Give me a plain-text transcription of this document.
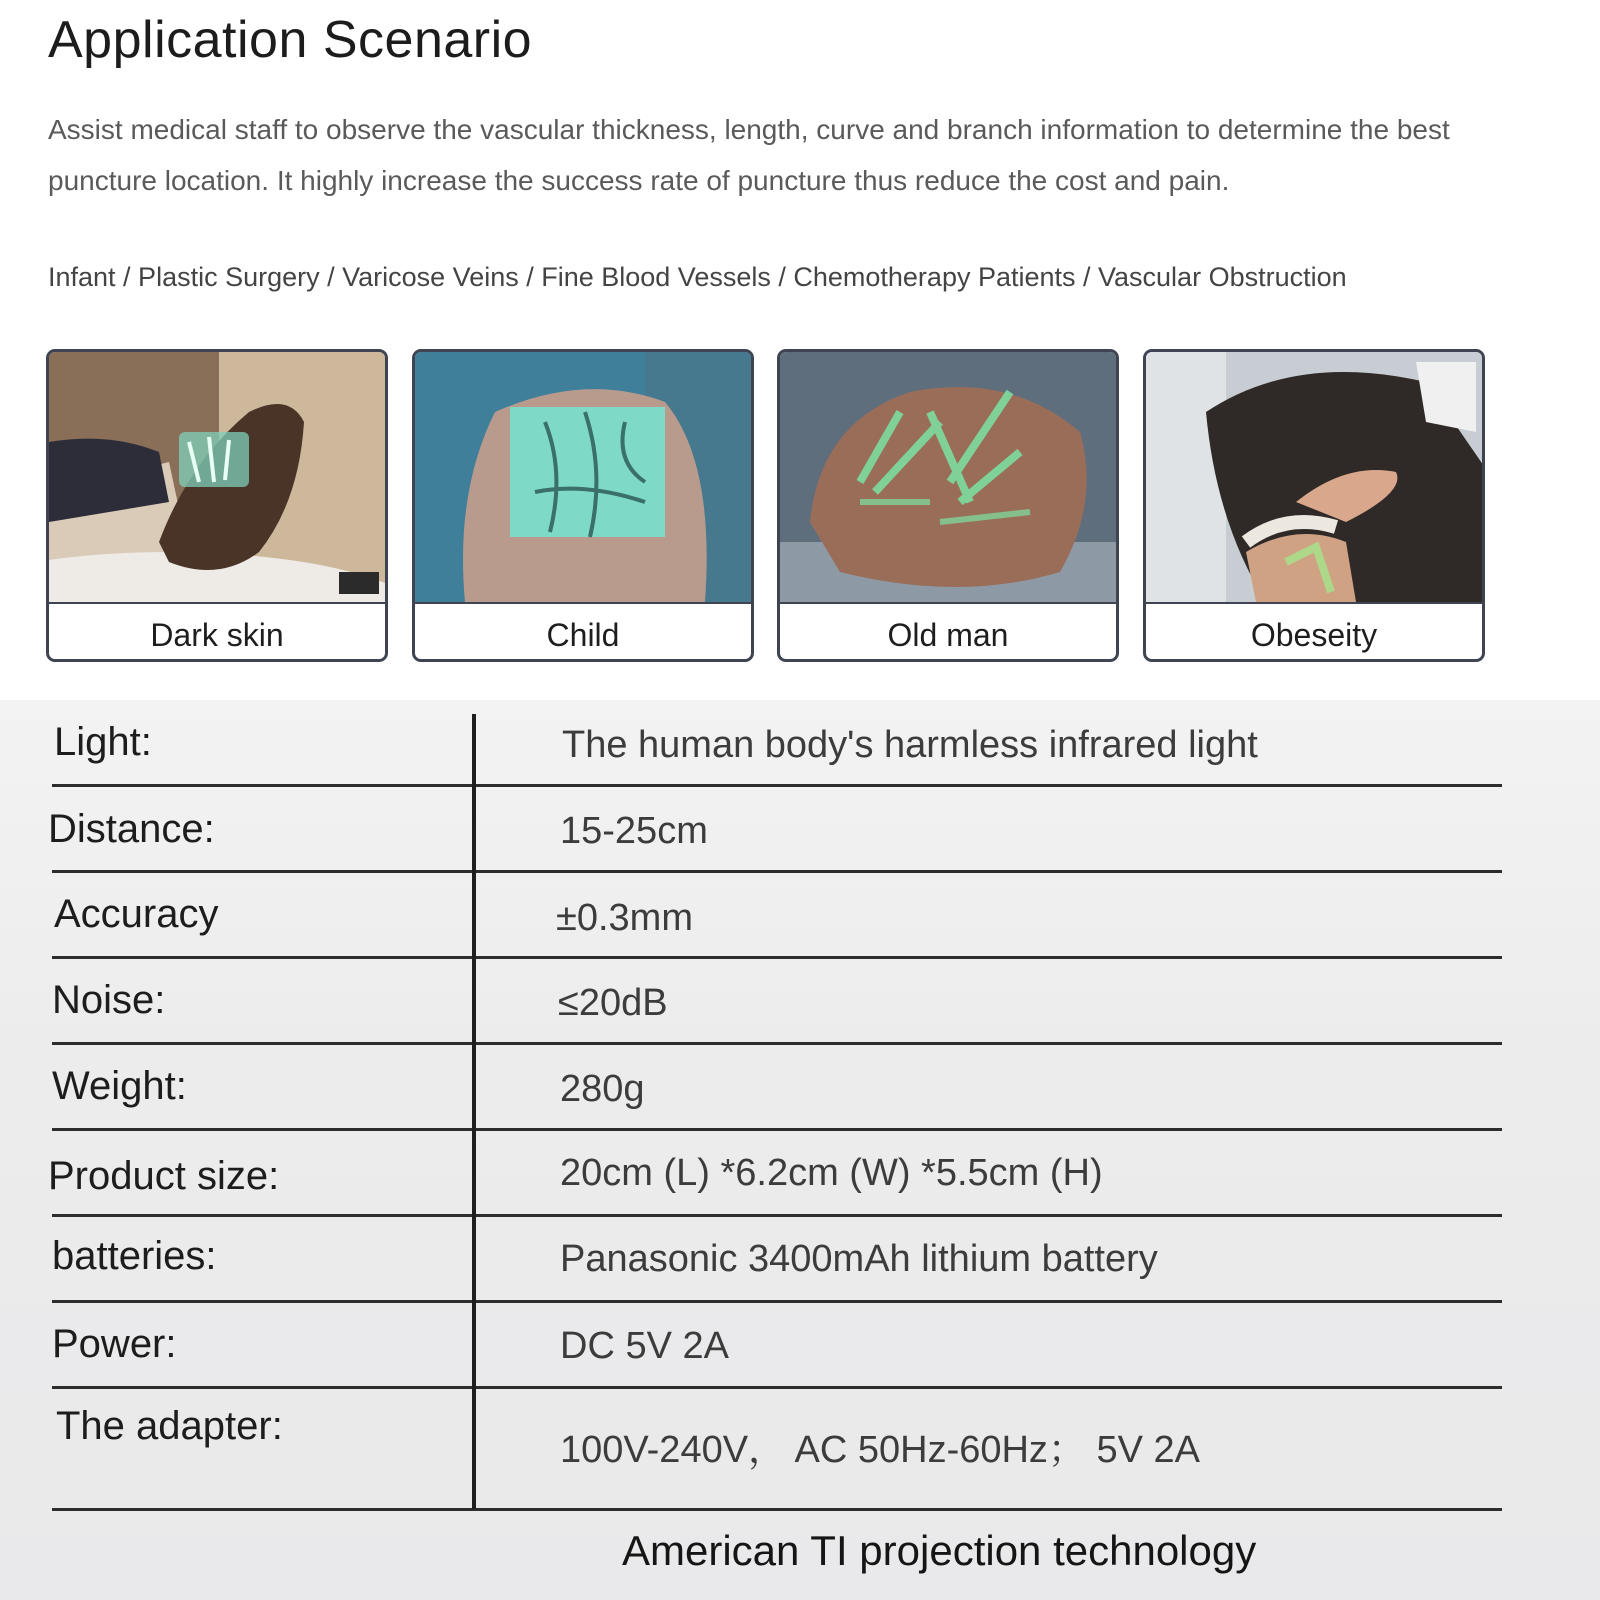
Application Scenario
Assist medical staff to observe the vascular thickness, length, curve and branch information to determine the best puncture location. It highly increase the success rate of puncture thus reduce the cost and pain.
Infant / Plastic Surgery / Varicose Veins / Fine Blood Vessels / Chemotherapy Patients / Vascular Obstruction
Dark skin	Child	Old man	Obeseity
Light:	The human body's harmless infrared light
Distance:	15-25cm
Accuracy	±0.3mm
Noise:	≤20dB
Weight:	280g
Product size:	20cm (L) *6.2cm (W) *5.5cm (H)
batteries:	Panasonic 3400mAh lithium battery
Power:	DC 5V 2A
The adapter:
100V-240V， AC 50Hz-60Hz； 5V 2A
American TI projection technology
